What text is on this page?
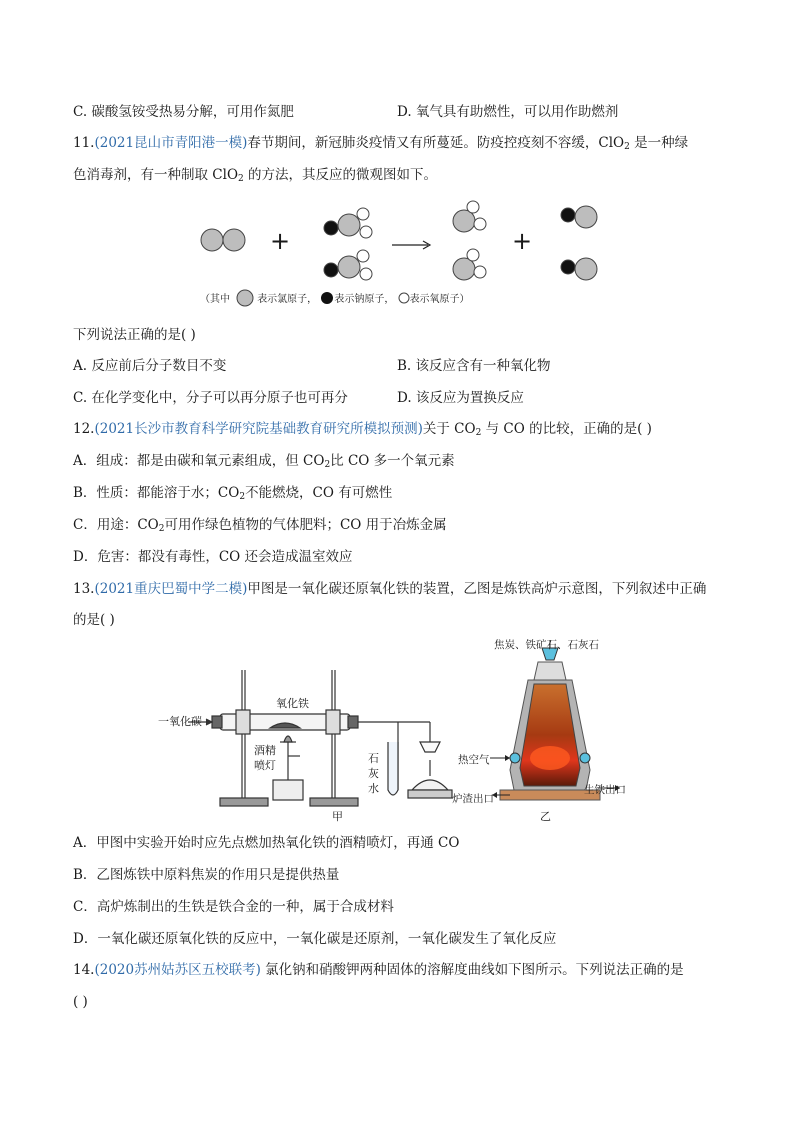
C. 碳酸氢铵受热易分解，可用作氮肥	D. 氧气具有助燃性，可以用作助燃剂
11.(2021昆山市青阳港一模)春节期间，新冠肺炎疫情又有所蔓延。防疫控疫刻不容缓，ClO$_2$ 是一种绿
色消毒剂，有一种制取 ClO$_2$ 的方法，其反应的微观图如下。
+	+
（其中	表示氯原子， 表示钠原子， 表示氧原子）
下列说法正确的是( )
A. 反应前后分子数目不变	B. 该反应含有一种氧化物
C. 在化学变化中，分子可以再分原子也可再分	D. 该反应为置换反应
12.(2021长沙市教育科学研究院基础教育研究所模拟预测)关于 $CO_2$ 与 CO 的比较，正确的是( )
A．组成：都是由碳和氧元素组成，但 $CO_2$比 CO 多一个氧元素
B．性质：都能溶于水；$CO_2$不能燃烧，CO 有可燃性
C．用途：$CO_2$可用作绿色植物的气体肥料；CO 用于冶炼金属
D．危害：都没有毒性，CO 还会造成温室效应
13.(2021重庆巴蜀中学二模)甲图是一氧化碳还原氧化铁的装置，乙图是炼铁高炉示意图，下列叙述中正确
的是( )
一氧化碳
氧化铁
酒精
喷灯
石
灰
水
甲
焦炭、铁矿石、石灰石
热空气
生铁出口
炉渣出口
乙
A．甲图中实验开始时应先点燃加热氧化铁的酒精喷灯，再通 CO
B．乙图炼铁中原料焦炭的作用只是提供热量
C．高炉炼制出的生铁是铁合金的一种，属于合成材料
D．一氧化碳还原氧化铁的反应中，一氧化碳是还原剂，一氧化碳发生了氧化反应
14.(2020苏州姑苏区五校联考) 氯化钠和硝酸钾两种固体的溶解度曲线如下图所示。下列说法正确的是
( )
